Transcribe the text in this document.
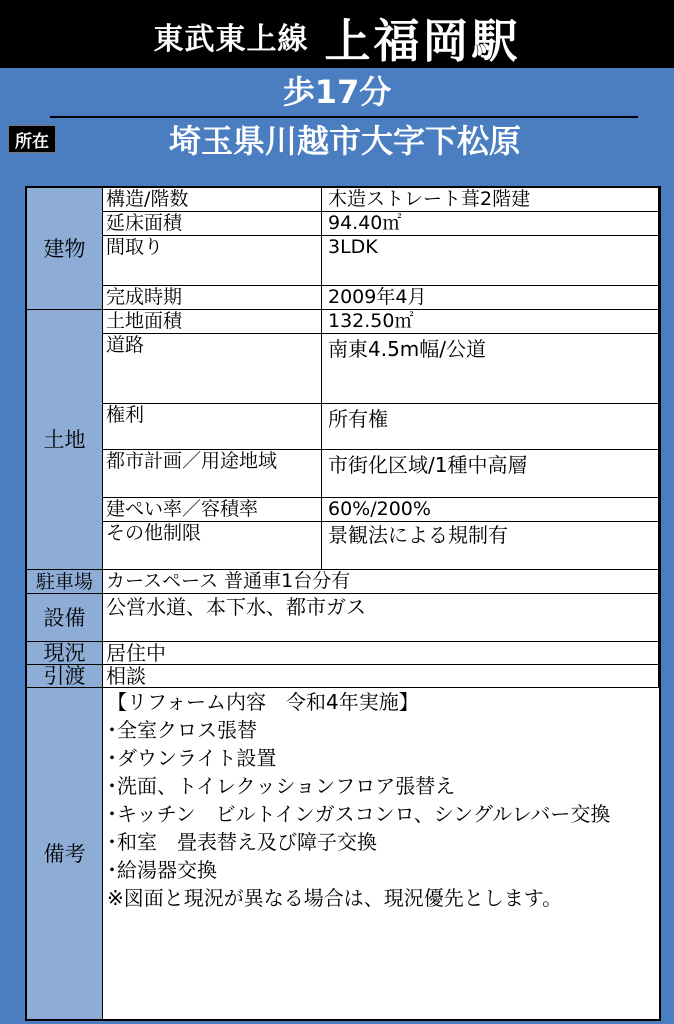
東武東上線 上福岡駅
歩17分
所在	埼玉県川越市大字下松原
建物
構造/階数	木造ストレート葺2階建
延床面積	94.40㎡
間取り	3LDK
完成時期	2009年4月
土地
土地面積	132.50㎡
道路	南東4.5m幅/公道
権利	所有権
都市計画／用途地域	市街化区域/1種中高層
建ぺい率／容積率	60%/200%
その他制限	景観法による規制有
駐車場 カースペース 普通車1台分有
設備	公営水道、本下水、都市ガス
現況	居住中
引渡	相談
備考
【リフォーム内容　令和4年実施】
･全室クロス張替
･ダウンライト設置
･洗面、トイレクッションフロア張替え
･キッチン　ビルトインガスコンロ、シングルレバー交換
･和室　畳表替え及び障子交換
･給湯器交換
※図面と現況が異なる場合は、現況優先とします。
